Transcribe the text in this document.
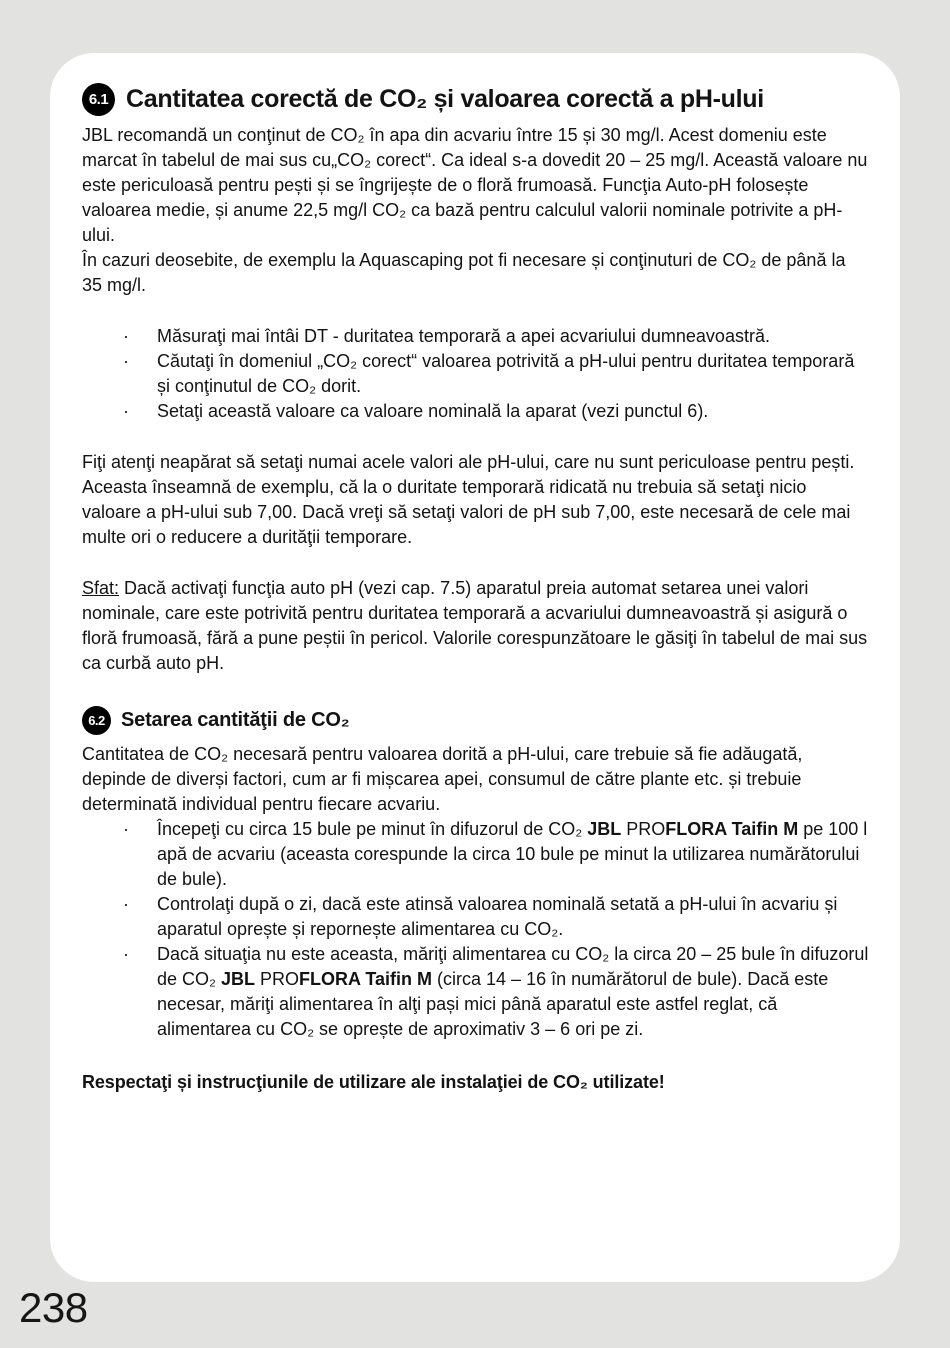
6.1 Cantitatea corectă de CO₂ și valoarea corectă a pH-ului

JBL recomandă un conţinut de CO₂ în apa din acvariu între 15 și 30 mg/l. Acest domeniu este marcat în tabelul de mai sus cu„CO₂ corect“. Ca ideal s-a dovedit 20 – 25 mg/l. Această valoare nu este periculoasă pentru pești și se îngrijește de o floră frumoasă. Funcţia Auto-pH folosește valoarea medie, și anume 22,5 mg/l CO₂ ca bază pentru calculul valorii nominale potrivite a pH-ului.

În cazuri deosebite, de exemplu la Aquascaping pot fi necesare și conţinuturi de CO₂ de până la 35 mg/l.

·	Măsuraţi mai întâi DT - duritatea temporară a apei acvariului dumneavoastră.
·	Căutaţi în domeniul „CO₂ corect“ valoarea potrivită a pH-ului pentru duritatea temporară și conţinutul de CO₂ dorit.
·	Setaţi această valoare ca valoare nominală la aparat (vezi punctul 6).

Fiţi atenţi neapărat să setaţi numai acele valori ale pH-ului, care nu sunt periculoase pentru pești. Aceasta înseamnă de exemplu, că la o duritate temporară ridicată nu trebuia să setaţi nicio valoare a pH-ului sub 7,00. Dacă vreţi să setaţi valori de pH sub 7,00, este necesară de cele mai multe ori o reducere a durităţii temporare.

Sfat: Dacă activaţi funcţia auto pH (vezi cap. 7.5) aparatul preia automat setarea unei valori nominale, care este potrivită pentru duritatea temporară a acvariului dumneavoastră și asigură o floră frumoasă, fără a pune peștii în pericol. Valorile corespunzătoare le găsiţi în tabelul de mai sus ca curbă auto pH.

6.2 Setarea cantităţii de CO₂

Cantitatea de CO₂ necesară pentru valoarea dorită a pH-ului, care trebuie să fie adăugată, depinde de diverși factori, cum ar fi mișcarea apei, consumul de către plante etc. și trebuie determinată individual pentru fiecare acvariu.

·	Începeţi cu circa 15 bule pe minut în difuzorul de CO₂ JBL PROFLORA Taifin M pe 100 l apă de acvariu (aceasta corespunde la circa 10 bule pe minut la utilizarea numărătorului de bule).
·	Controlaţi după o zi, dacă este atinsă valoarea nominală setată a pH-ului în acvariu și aparatul oprește și repornește alimentarea cu CO₂.
·	Dacă situaţia nu este aceasta, măriţi alimentarea cu CO₂ la circa 20 – 25 bule în difuzorul de CO₂ JBL PROFLORA Taifin M (circa 14 – 16 în numărătorul de bule). Dacă este necesar, măriţi alimentarea în alţi pași mici până aparatul este astfel reglat, că alimentarea cu CO₂ se oprește de aproximativ 3 – 6 ori pe zi.

Respectaţi și instrucţiunile de utilizare ale instalaţiei de CO₂ utilizate!

238
